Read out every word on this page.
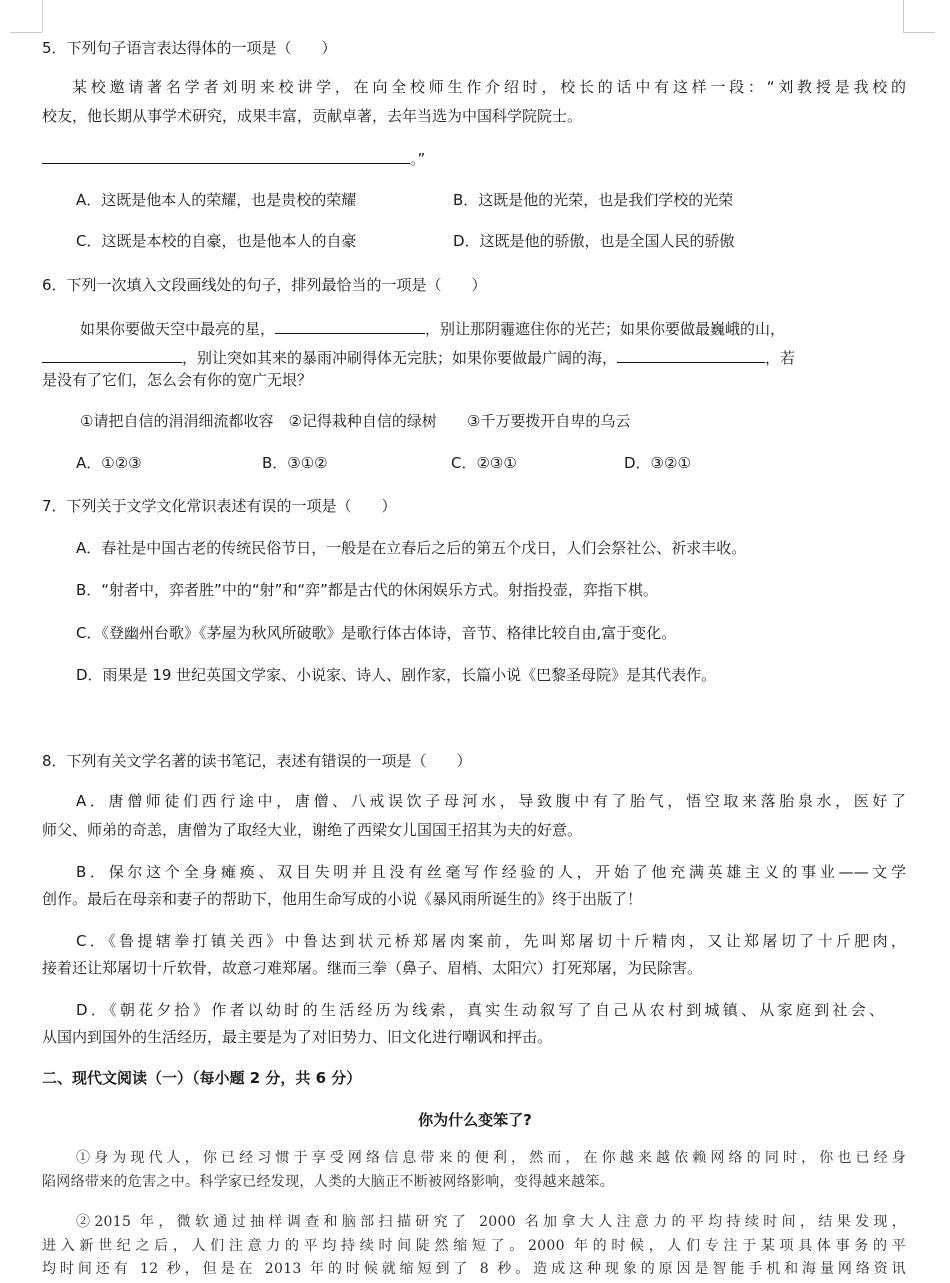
5．下列句子语言表达得体的一项是（　　）
某校邀请著名学者刘明来校讲学，在向全校师生作介绍时，校长的话中有这样一段：“刘教授是我校的
校友，他长期从事学术研究，成果丰富，贡献卓著，去年当选为中国科学院院士。
。”
A．这既是他本人的荣耀，也是贵校的荣耀	B．这既是他的光荣，也是我们学校的光荣
C．这既是本校的自豪，也是他本人的自豪	D．这既是他的骄傲，也是全国人民的骄傲
6．下列一次填入文段画线处的句子，排列最恰当的一项是（　　）
如果你要做天空中最亮的星，	，别让那阴霾遮住你的光芒；如果你要做最巍峨的山，
，别让突如其来的暴雨冲刷得体无完肤；如果你要做最广阔的海，	，若
是没有了它们，怎么会有你的宽广无垠？
①请把自信的涓涓细流都收容　②记得栽种自信的绿树　　③千万要拨开自卑的乌云
A．①②③	B．③①②	C．②③①	D．③②①
7．下列关于文学文化常识表述有误的一项是（　　）
A．春社是中国古老的传统民俗节日，一般是在立春后之后的第五个戊日，人们会祭社公、祈求丰收。
B．“射者中，弈者胜”中的“射”和“弈”都是古代的休闲娱乐方式。射指投壶，弈指下棋。
C．《登幽州台歌》《茅屋为秋风所破歌》是歌行体古体诗，音节、格律比较自由,富于变化。
D．雨果是 19 世纪英国文学家、小说家、诗人、剧作家，长篇小说《巴黎圣母院》是其代表作。
8．下列有关文学名著的读书笔记，表述有错误的一项是（　　）
A．唐僧师徒们西行途中，唐僧、八戒误饮子母河水，导致腹中有了胎气，悟空取来落胎泉水，医好了
师父、师弟的奇恙，唐僧为了取经大业，谢绝了西梁女儿国国王招其为夫的好意。
B．保尔这个全身瘫痪、双目失明并且没有丝毫写作经验的人，开始了他充满英雄主义的事业——文学
创作。最后在母亲和妻子的帮助下，他用生命写成的小说《暴风雨所诞生的》终于出版了！
C．《鲁提辖拳打镇关西》中鲁达到状元桥郑屠肉案前，先叫郑屠切十斤精肉，又让郑屠切了十斤肥肉，
接着还让郑屠切十斤软骨，故意刁难郑屠。继而三拳（鼻子、眉梢、太阳穴）打死郑屠，为民除害。
D．《朝花夕拾》作者以幼时的生活经历为线索，真实生动叙写了自己从农村到城镇、从家庭到社会、
从国内到国外的生活经历，最主要是为了对旧势力、旧文化进行嘲讽和抨击。
二、现代文阅读（一）（每小题 2 分，共 6 分）
你为什么变笨了?
①身为现代人，你已经习惯于享受网络信息带来的便利，然而，在你越来越依赖网络的同时，你也已经身
陷网络带来的危害之中。科学家已经发现，人类的大脑正不断被网络影响，变得越来越笨。
②2015 年，微软通过抽样调查和脑部扫描研究了 2000 名加拿大人注意力的平均持续时间，结果发现，
进入新世纪之后，人们注意力的平均持续时间陡然缩短了。2000 年的时候，人们专注于某项具体事务的平
均时间还有 12 秒，但是在 2013 年的时候就缩短到了 8 秒。造成这种现象的原因是智能手机和海量网络资讯
